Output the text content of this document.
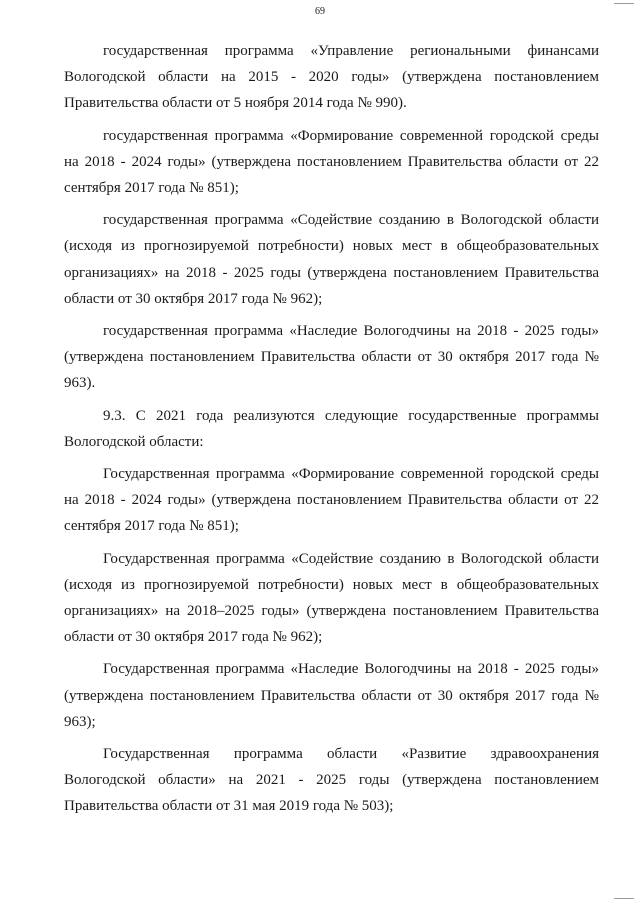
69

государственная программа «Управление региональными финансами Вологодской области на 2015 - 2020 годы» (утверждена постановлением Правительства области от 5 ноября 2014 года № 990).

государственная программа «Формирование современной городской среды на 2018 - 2024 годы» (утверждена постановлением Правительства области от 22 сентября 2017 года № 851);

государственная программа «Содействие созданию в Вологодской области (исходя из прогнозируемой потребности) новых мест в общеобразовательных организациях» на 2018 - 2025 годы (утверждена постановлением Правительства области от 30 октября 2017 года № 962);

государственная программа «Наследие Вологодчины на 2018 - 2025 годы» (утверждена постановлением Правительства области от 30 октября 2017 года № 963).

9.3. С 2021 года реализуются следующие государственные программы Вологодской области:

Государственная программа «Формирование современной городской среды на 2018 - 2024 годы» (утверждена постановлением Правительства области от 22 сентября 2017 года № 851);

Государственная программа «Содействие созданию в Вологодской области (исходя из прогнозируемой потребности) новых мест в общеобразовательных организациях» на 2018–2025 годы» (утверждена постановлением Правительства области от 30 октября 2017 года № 962);

Государственная программа «Наследие Вологодчины на 2018 - 2025 годы» (утверждена постановлением Правительства области от 30 октября 2017 года № 963);

Государственная программа области «Развитие здравоохранения Вологодской области» на 2021 - 2025 годы (утверждена постановлением Правительства области от 31 мая 2019 года № 503);
